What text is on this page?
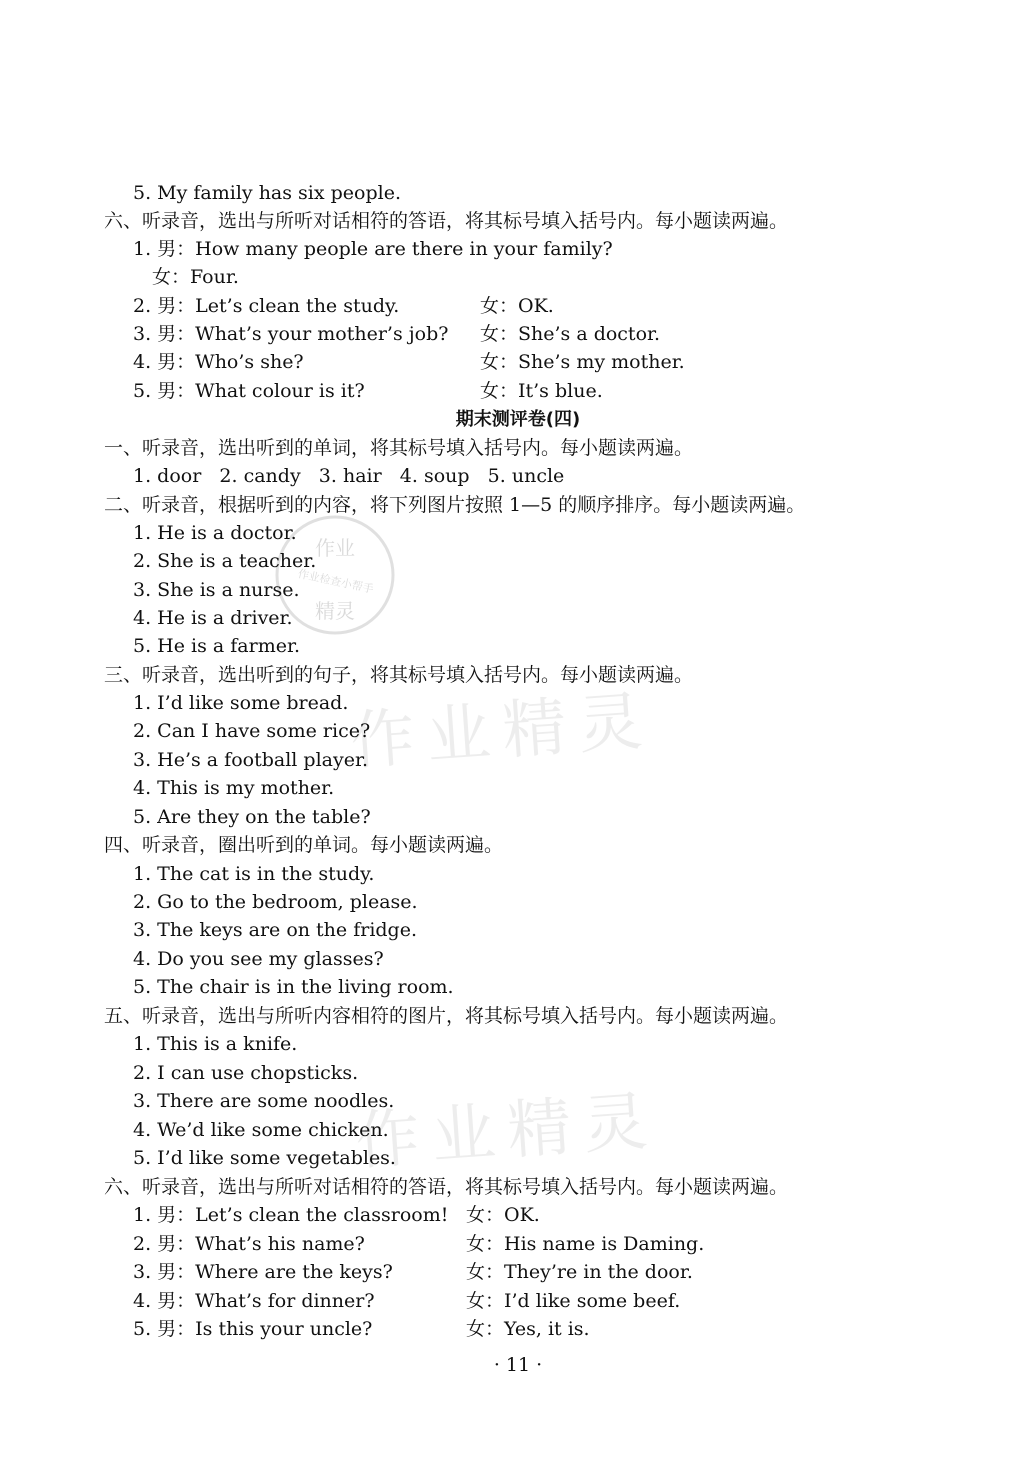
作业精灵
作业精灵
作业
作业检查小帮手
精灵
5. My family has six people.
六、听录音，选出与所听对话相符的答语，将其标号填入括号内。每小题读两遍。
1. 男：How many people are there in your family?
女：Four.
2. 男：Let’s clean the study.	女：OK.
3. 男：What’s your mother’s job? 女：She’s a doctor.
4. 男：Who’s she?	女：She’s my mother.
5. 男：What colour is it?	女：It’s blue.
期末测评卷(四)
一、听录音，选出听到的单词，将其标号填入括号内。每小题读两遍。
1. door   2. candy   3. hair   4. soup   5. uncle
二、听录音，根据听到的内容，将下列图片按照 1—5 的顺序排序。每小题读两遍。
1. He is a doctor.
2. She is a teacher.
3. She is a nurse.
4. He is a driver.
5. He is a farmer.
三、听录音，选出听到的句子，将其标号填入括号内。每小题读两遍。
1. I’d like some bread.
2. Can I have some rice?
3. He’s a football player.
4. This is my mother.
5. Are they on the table?
四、听录音，圈出听到的单词。每小题读两遍。
1. The cat is in the study.
2. Go to the bedroom, please.
3. The keys are on the fridge.
4. Do you see my glasses?
5. The chair is in the living room.
五、听录音，选出与所听内容相符的图片，将其标号填入括号内。每小题读两遍。
1. This is a knife.
2. I can use chopsticks.
3. There are some noodles.
4. We’d like some chicken.
5. I’d like some vegetables.
六、听录音，选出与所听对话相符的答语，将其标号填入括号内。每小题读两遍。
1. 男：Let’s clean the classroom! 女：OK.
2. 男：What’s his name?	女：His name is Daming.
3. 男：Where are the keys?	女：They’re in the door.
4. 男：What’s for dinner?	女：I’d like some beef.
5. 男：Is this your uncle?	女：Yes, it is.
· 11 ·
